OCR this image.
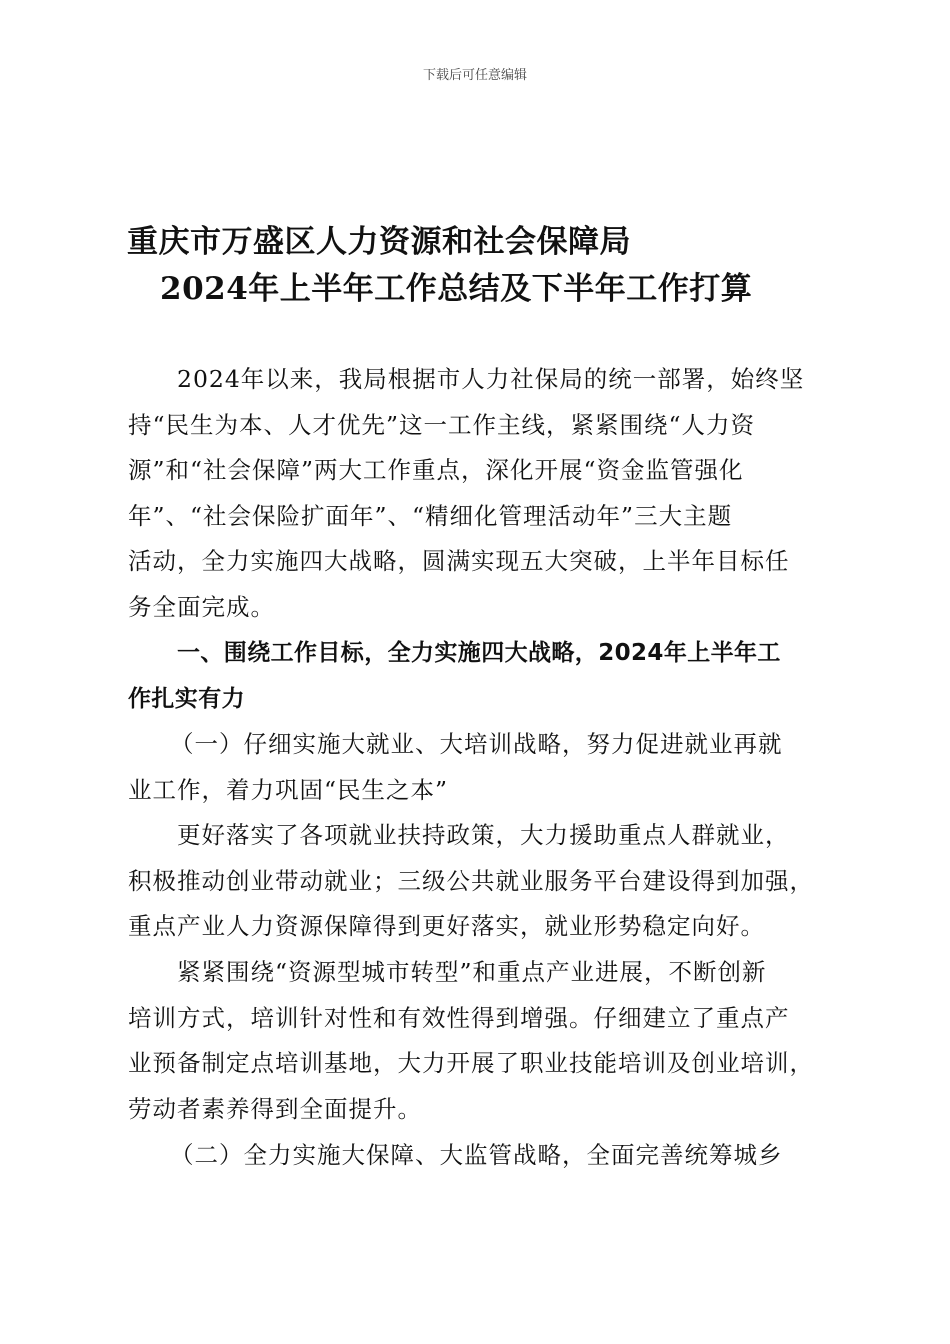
下载后可任意编辑
重庆市万盛区人力资源和社会保障局
2024年上半年工作总结及下半年工作打算
2024年以来，我局根据市人力社保局的统一部署，始终坚
持“民生为本、人才优先”这一工作主线，紧紧围绕“人力资
源”和“社会保障”两大工作重点，深化开展“资金监管强化
年”、“社会保险扩面年”、“精细化管理活动年”三大主题
活动，全力实施四大战略，圆满实现五大突破，上半年目标任
务全面完成。
一、围绕工作目标，全力实施四大战略，2024年上半年工
作扎实有力
（一）仔细实施大就业、大培训战略，努力促进就业再就
业工作，着力巩固“民生之本”
更好落实了各项就业扶持政策，大力援助重点人群就业，
积极推动创业带动就业；三级公共就业服务平台建设得到加强，
重点产业人力资源保障得到更好落实，就业形势稳定向好。
紧紧围绕“资源型城市转型”和重点产业进展，不断创新
培训方式，培训针对性和有效性得到增强。仔细建立了重点产
业预备制定点培训基地，大力开展了职业技能培训及创业培训，
劳动者素养得到全面提升。
（二）全力实施大保障、大监管战略，全面完善统筹城乡
